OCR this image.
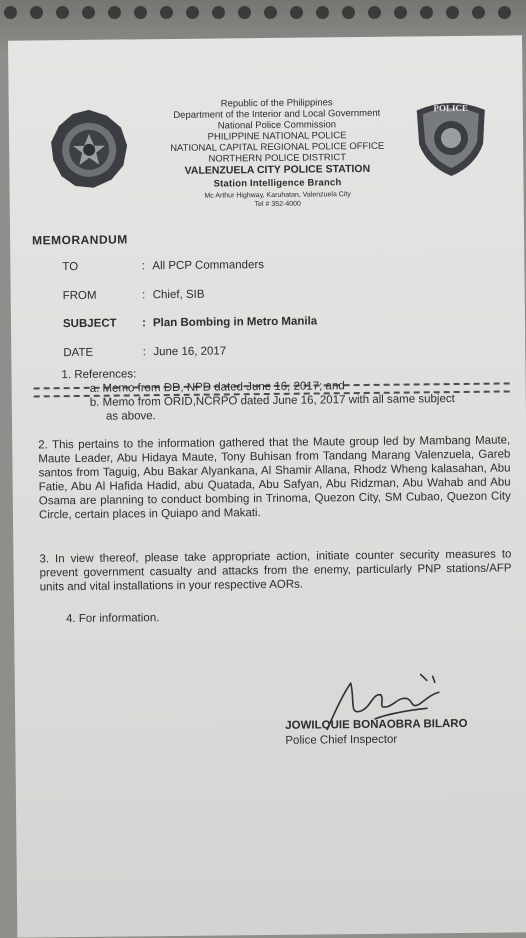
POLICE
Republic of the Philippines
Department of the Interior and Local Government
National Police Commission
PHILIPPINE NATIONAL POLICE
NATIONAL CAPITAL REGIONAL POLICE OFFICE
NORTHERN POLICE DISTRICT
VALENZUELA CITY POLICE STATION
Station Intelligence Branch
Mc Arthur Highway, Karuhatan, Valenzuela City
Tel # 352-4000
MEMORANDUM
TO	: All PCP Commanders
FROM	: Chief, SIB
SUBJECT : Plan Bombing in Metro Manila
DATE	: June 16, 2017
1. References:
a. Memo from DD, NPD dated June 16, 2017; and
b. Memo from ORID,NCRPO dated June 16, 2017 with all same subject
as above.
2. This pertains to the information gathered that the Maute group led by Mambang Maute, Maute Leader, Abu Hidaya Maute, Tony Buhisan from Tandang Marang Valenzuela, Gareb santos from Taguig, Abu Bakar Alyankana, Al Shamir Allana, Rhodz Wheng kalasahan, Abu Fatie, Abu Al Hafida Hadid, abu Quatada, Abu Safyan, Abu Ridzman, Abu Wahab and Abu Osama are planning to conduct bombing in Trinoma, Quezon City, SM Cubao, Quezon City Circle, certain places in Quiapo and Makati.
3. In view thereof, please take appropriate action, initiate counter security measures to prevent government casualty and attacks from the enemy, particularly PNP stations/AFP units and vital installations in your respective AORs.
4. For information.
JOWILOUIE BONAOBRA BILARO
Police Chief Inspector
